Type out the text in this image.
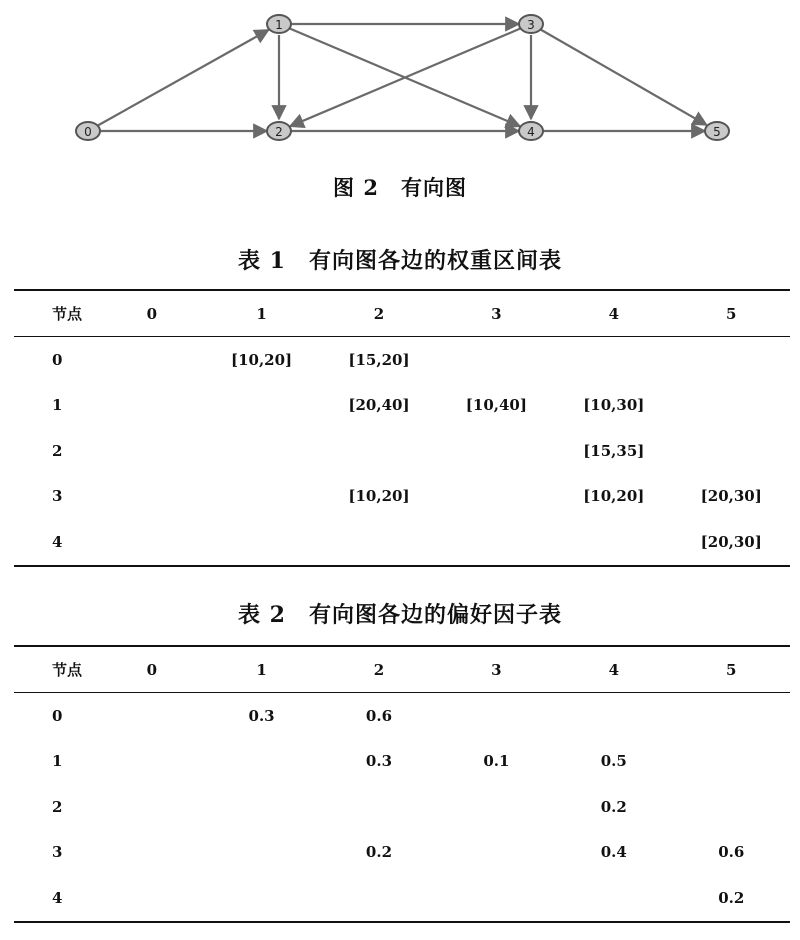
0
1
2
3
4	5
图 2　有向图
表 1　有向图各边的权重区间表
节点	0	1	2	3	4	5
0		[10,20]	[15,20]			
1			[20,40]	[10,40]	[10,30]	
2					[15,35]	
3			[10,20]		[10,20]	[20,30]
4						[20,30]
表 2　有向图各边的偏好因子表
节点	0	1	2	3	4	5
0		0.3	0.6			
1			0.3	0.1	0.5	
2					0.2	
3			0.2		0.4	0.6
4						0.2
